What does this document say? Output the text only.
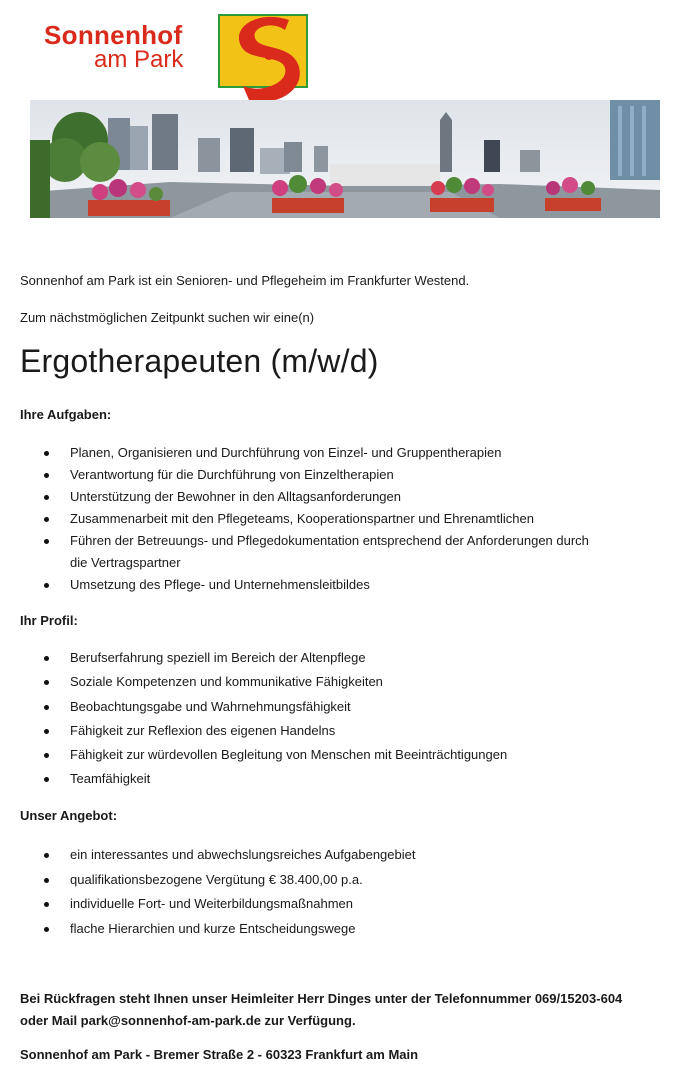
Sonnenhof
am Park

Sonnenhof am Park ist ein Senioren- und Pflegeheim im Frankfurter Westend.

Zum nächstmöglichen Zeitpunkt suchen wir eine(n)

Ergotherapeuten (m/w/d)
Ihre Aufgaben:
Planen, Organisieren und Durchführung von Einzel- und Gruppentherapien
Verantwortung für die Durchführung von Einzeltherapien
Unterstützung der Bewohner in den Alltagsanforderungen
Zusammenarbeit mit den Pflegeteams, Kooperationspartner und Ehrenamtlichen
Führen der Betreuungs- und Pflegedokumentation entsprechend der Anforderungen durch
die Vertragspartner
Umsetzung des Pflege- und Unternehmensleitbildes
Ihr Profil:
Berufserfahrung speziell im Bereich der Altenpflege
Soziale Kompetenzen und kommunikative Fähigkeiten
Beobachtungsgabe und Wahrnehmungsfähigkeit
Fähigkeit zur Reflexion des eigenen Handelns
Fähigkeit zur würdevollen Begleitung von Menschen mit Beeinträchtigungen
Teamfähigkeit
Unser Angebot:
ein interessantes und abwechslungsreiches Aufgabengebiet
qualifikationsbezogene Vergütung € 38.400,00 p.a.
individuelle Fort- und Weiterbildungsmaßnahmen
flache Hierarchien und kurze Entscheidungswege

Bei Rückfragen steht Ihnen unser Heimleiter Herr Dinges unter der Telefonnummer 069/15203-604

oder Mail park@sonnenhof-am-park.de zur Verfügung.

Sonnenhof am Park - Bremer Straße 2 - 60323 Frankfurt am Main
